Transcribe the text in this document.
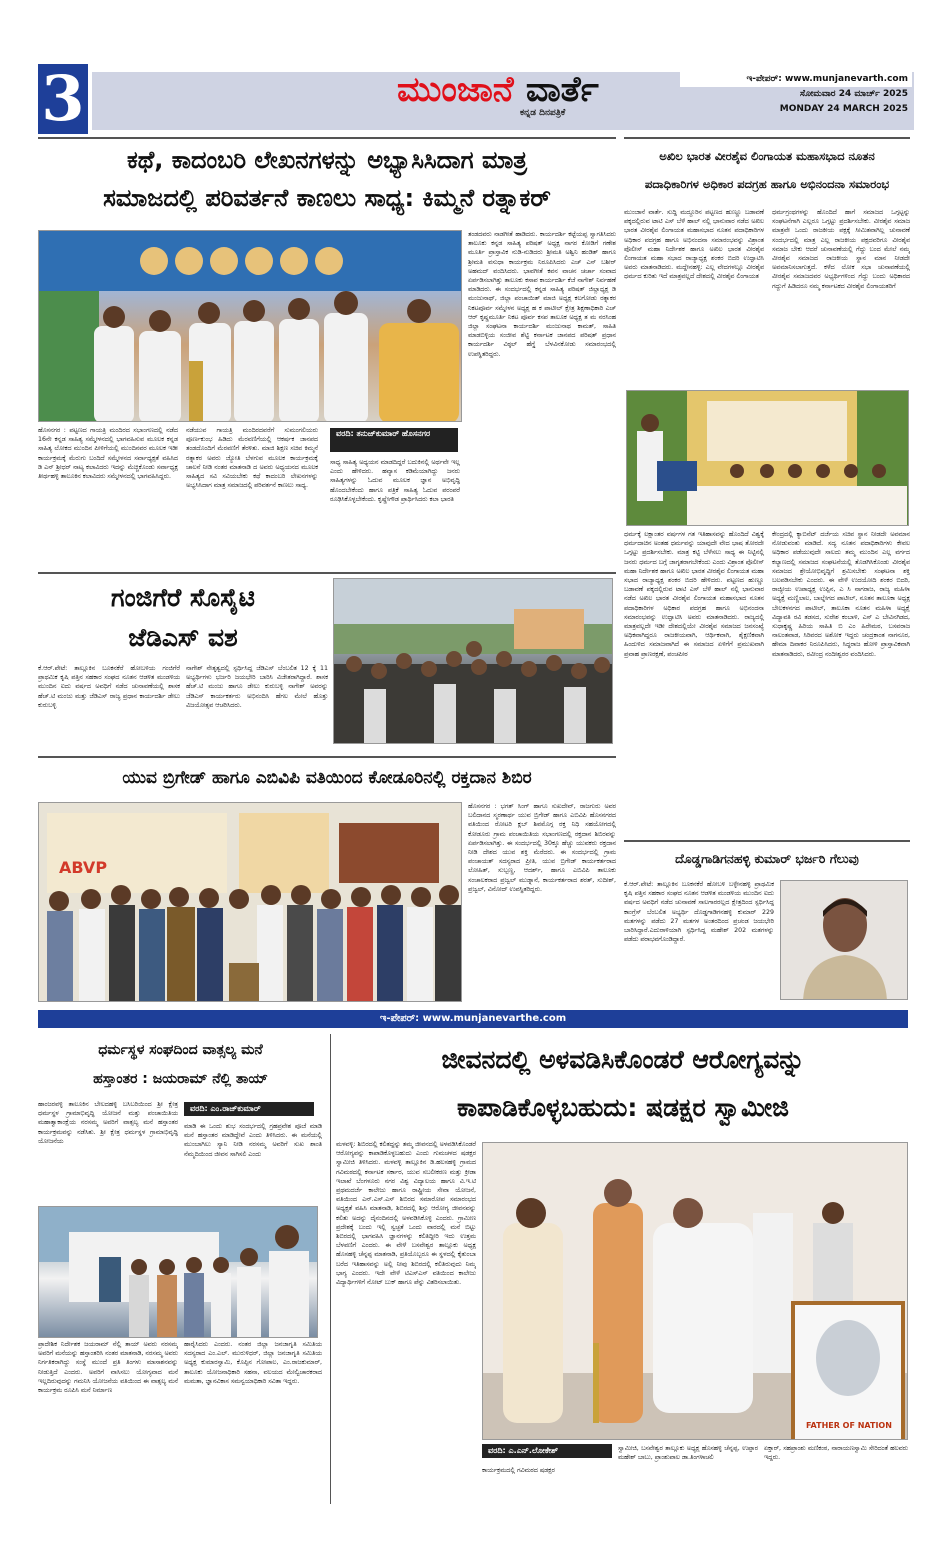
3	ಮುಂಜಾನೆ ವಾರ್ತೆ
ಕನ್ನಡ ದಿನಪತ್ರಿಕೆ
ಇ-ಪೇಪರ್: www.munjanevarth.com
ಸೋಮವಾರ 24 ಮಾರ್ಚ್ 2025
MONDAY 24 MARCH 2025
ಕಥೆ, ಕಾದಂಬರಿ ಲೇಖನಗಳನ್ನು ಅಭ್ಯಾಸಿಸಿದಾಗ ಮಾತ್ರ
ಸಮಾಜದಲ್ಲಿ ಪರಿವರ್ತನೆ ಕಾಣಲು ಸಾಧ್ಯ: ಕಿಮ್ಮನೆ ರತ್ನಾಕರ್
ತಂಡದವರು ನಾಡಗೀತೆ ಹಾಡಿದರು. ಕಾರ್ಯದರ್ಶಿ ಕಟ್ಟೆಯಪ್ಪ ಸ್ವಾಗತಿಸಿದರು ತಾಲೂಕು ಕನ್ನಡ ಸಾಹಿತ್ಯ ಪರಿಷತ್ ಅಧ್ಯಕ್ಷ ನಾಗರ ಕೋಡಿಗೆ ಗಣೇಶ ಮೂರ್ತಿ ಪ್ರಾಸ್ತಾವಿಕ ನುಡಿ-ನುಡಿದರು ಶ್ರೀಮತಿ ಅಶ್ವಿನಿ ಹಂಡಿತ್ ಹಾಗೂ ಶ್ರೀಮತಿ ವಸುಧಾ ಕಾರ್ಯಕ್ರಮ ನಿರೂಪಿಸಿದರು ಎಚ್ ಎಸ್ ಬಶೀರ್ ಅಹಮದ್ ವಂದಿಸಿದರು. ಭಾವಗೀತೆ ಕವನ ವಾಚನ ಚರ್ಚಾ ಸಂವಾದ ಏರ್ಪಡಿಸಲಾಗಿತ್ತು ತಾಲೂಕು ಕಸಾಪ ಕಾರ್ಯದರ್ಶಿ ಕೆಜೆ ನಾಗೇಶ್ ನಿರ್ವಹಣೆ ಮಾಡಿದರು. ಈ ಸಂದರ್ಭದಲ್ಲಿ ಕನ್ನಡ ಸಾಹಿತ್ಯ ಪರಿಷತ್ ಜಿಲ್ಲಾಧ್ಯಕ್ಷ ಡಿ ಮಂಜುನಾಥ್, ಜಿಲ್ಲಾ ಪಂಚಾಯಿತ್ ಮಾಜಿ ಅಧ್ಯಕ್ಷ ಕಲಗೋಡು ರತ್ನಾಕರ ನಿಕಟಪೂರ್ವ ಸಮ್ಮೇಳನ ಅಧ್ಯಕ್ಷ ಹ ಕ ಪಾಟೀಲ್ ಕ್ಷೇತ್ರ ಶಿಕ್ಷಣಾಧಿಕಾರಿ ಎಚ್ ಆರ್ ಕೃಷ್ಣಮೂರ್ತಿ ನಿಕಟ ಪೂರ್ವ ಕಸಪ ತಾಲೂಕ ಅಧ್ಯಕ್ಷ ತ ಮ ನರಸಿಂಹ ಜಿಲ್ಲಾ ಸಂಘಟನಾ ಕಾರ್ಯದರ್ಶಿ ಮಂಜುನಾಥ ಕಾಮತ್, ಸಾಹಿತಿ ಮಾಡಬಿಳ್ಳಿಯ ಸಂಜೀವ ಶೆಟ್ಟಿ ಕರ್ನಾಟಕ ಜಾನಪದ ಪರಿಷತ್ ಪ್ರಧಾನ ಕಾರ್ಯದರ್ಶಿ ವಿಠ್ಠಲ್ ಹೆಗ್ಡೆ ಬೆಳವಿನಕೋಡು ಸಮಾರಂಭದಲ್ಲಿ ಉಪಸ್ಥಿತರಿದ್ದರು.
ಹೊಸನಗರ : ಪಟ್ಟಣದ ಗಾಯತ್ರಿ ಮಂದಿರದ ಸಭಾಂಗಣದಲ್ಲಿ ನಡೆದ 16ನೇ ಕನ್ನಡ ಸಾಹಿತ್ಯ ಸಮ್ಮೇಳನದಲ್ಲಿ ಭಾಗವಹಿಸುವ ಮೂಲಕ ಕನ್ನಡ ಸಾಹಿತ್ಯ ಲೋಕದ ಮುಂದಿನ ಪೀಳಿಗೆಯಲ್ಲಿ ಮುಂದಿನವರ ಮೂಲಕ ಇಡೀ ಕಾರ್ಯಕ್ರಮಕ್ಕೆ ಮೆರುಗು ಬಂದಿದೆ ಸಮ್ಮೇಳನದ ಸರ್ವಾಧ್ಯಕ್ಷತೆ ವಹಿಸಿದ ಡಿ ಎನ್ ಶ್ರೀಧರ್ ನಾಟ್ಯ ಕಲಾವಿದರು ಇದನ್ನು ಮೆಚ್ಚಿಕೊಂಡು ಸರ್ವಾಧ್ಯಕ್ಷ ತೀರ್ಥಹಳ್ಳಿ ತಾಲೂಕಿನ ಕಲಾವಿದರು ಸಮ್ಮೇಳನದಲ್ಲಿ ಭಾಗವಹಿಸಿದ್ದರು.
ನಡೆಯುವ ಗಾಯತ್ರಿ ಮಂದಿರದವರೆಗೆ ಸುಮಂಗಲಿಯರು ಪೂರ್ಣಕುಂಭ ಹಿಡಿದು ಮೆರವಣಿಗೆಯಲ್ಲಿ ಆಕರ್ಷಕ ಜಾನಪದ ತಂಡದೊಂದಿಗೆ ಮೆರವಣಿಗೆ ತೆರಳಿತು. ಮಾಜಿ ಶಿಕ್ಷಣ ಸಚಿವ ಕಿಮ್ಮನೆ ರತ್ನಾಕರ ಅವರು ಜ್ಯೋತಿ ಬೆಳಗುವ ಮೂಲಕ ಕಾರ್ಯಕ್ರಮಕ್ಕೆ ಚಾಲನೆ ನೀಡಿ ನಂತರ ಮಾತನಾಡಿ ದ ಅವರು ಅಧ್ಯಯನದ ಮೂಲಕ ಸಾಹಿತ್ಯದ ಸವಿ ಸವಿಯಬೇಕು ಕಥೆ ಕಾದಂಬರಿ ಲೇಖನಗಳನ್ನು ಅಭ್ಯಸಿಸಿದಾಗ ಮಾತ್ರ ಸಮಾಜದಲ್ಲಿ ಪರಿವರ್ತನೆ ಕಾಣಲು ಸಾಧ್ಯ.
ವರದಿ: ತನುಜ್‌ಕುಮಾರ್ ಹೊಸನಗರ
ಸಾಧ್ಯ ಸಾಹಿತ್ಯ ಅಧ್ಯಯನ ಮಾಡದಿದ್ದರೆ ಬದುಕಿನಲ್ಲಿ ಅರ್ಥವೇ ಇಲ್ಲ ಎಂದು ಹೇಳಿದರು. ಹವ್ಯಾಸ ಕಡಿಮೆಯಾಗಿದ್ದು ಜನರು ಸಾಹಿತ್ಯಗಳನ್ನು ಓದುವ ಮೂಲಕ ಜ್ಞಾನ ಅಭಿವೃದ್ಧಿ ಹೊಂದಬೇಕೆಂದು ಹಾಗೂ ಪತ್ರಿಕೆ ಸಾಹಿತ್ಯ ಓದುವ ಪರಂಪರೆ ರೂಢಿಸಿಕೊಳ್ಳಬೇಕೆಂದು. ಕೃಷ್ಣೇಗೌಡ ಪ್ರಾರ್ಥಿಸಿದರು ಕಲಾ ಭಾರತಿ
ಅಖಿಲ ಭಾರತ ವೀರಶೈವ ಲಿಂಗಾಯತ ಮಹಾಸಭಾದ ನೂತನ
ಪದಾಧಿಕಾರಿಗಳ ಅಧಿಕಾರ ಪದಗ್ರಹ ಹಾಗೂ ಅಭಿನಂದನಾ ಸಮಾರಂಭ
ಮುಂಜಾನೆ ವಾರ್ತೆ. ಸುದ್ದಿ ಮದ್ದೂರಿನ ಪಟ್ಟಣದ ಹುಣ್ಣೂ ಬಡಾವಣೆ ಪಕ್ಕದಲ್ಲಿರುವ ಟಾಟಿ ಎಸ್ ಬೆಳೆ ಹಾಲ್ ನಲ್ಲಿ ಭಾನುವಾರ ನಡೆದ ಅಖಿಲ ಭಾರತ ವೀರಶೈವ ಲಿಂಗಾಯತ ಮಹಾಸಭಾದ ನೂತನ ಪದಾಧಿಕಾರಿಗಳ ಅಧಿಕಾರ ಪದಗ್ರಹ ಹಾಗೂ ಅಭಿನಂದನಾ ಸಮಾರಂಭವನ್ನು ವಿಶ್ರಾಂತ ಪೊಲೀಸ್ ಮಹಾ ನಿರ್ದೇಶಕ ಹಾಗೂ ಅಖಿಲ ಭಾರತ ವೀರಶೈವ ಲಿಂಗಾಯತ ಮಹಾ ಸಭಾದ ರಾಜ್ಯಾಧ್ಯಕ್ಷ ಶಂಕರ ಬಿದರಿ ಉದ್ಘಾಟಿಸಿ ಅವರು ಮಾತನಾಡಿದರು. ಮದ್ದೇನಹಳ್ಳಿ: ಎಲ್ಲ ವೇದಗಳಲ್ಲೂ ವೀರಶೈವ ಧರ್ಮದ ಕುರಿತು ಇದೆ ಮಾತ್ರವಲ್ಲದೆ ದೇಶದಲ್ಲಿ ವೀರಶೈವ ಲಿಂಗಾಯತ
ಧರ್ಮಗ್ರಂಥಗಳನ್ನು ಹೊಂದಿದೆ ಹಾಗೆ ಸಮಾಜದ ಒಗ್ಗಟ್ಟನ್ನು ಸಂಘಟನೆಗಾಗಿ ಎಲ್ಲರೂ ಒಗ್ಗಟ್ಟು ಪ್ರದರ್ಶಿಸಬೇಕು. ವೀರಶೈವ ಸಮಾಜ ಮಾತ್ರವೇ ಒಂದು ರಾಜಕೀಯ ಪಕ್ಷಕ್ಕೆ ಸೀಮಿತವಾಗಿಲ್ಲ ಚುನಾವಣೆ ಸಂದರ್ಭದಲ್ಲಿ ಮಾತ್ರ ಎಲ್ಲ ರಾಜಕೀಯ ಪಕ್ಷದವರಿಗೂ ವೀರಶೈವ ಸಮಾಜ ಬೇಕು ಆದರೆ ಚುನಾವಣೆಯಲ್ಲಿ ಗೆದ್ದು ಬಂದ ಮೇಲೆ ನಮ್ಮ ವೀರಶೈವ ಸಮಾಜದ ರಾಜಕೀಯ ಸ್ಥಾನ ಮಾನ ನೀಡದೇ ಅವಮಾನಿಸಲಾಗುತ್ತದೆ. ಕಳೆದ ಲೋಕ ಸಭಾ ಚುನಾವಣೆಯಲ್ಲಿ ವೀರಶೈವ ಸಮಾಜದವರ ಅಭ್ಯರ್ಥಿಗಳಿಂದ ಗೆದ್ದು ಬಂದು ಅಧಿಕಾರದ ಗದ್ದುಗೆ ಹಿಡಿದರೂ ನಮ್ಮ ಕರ್ನಾಟಕದ ವೀರಶೈವ ಲಿಂಗಾಯತರಿಗೆ
ಧರ್ಮಕ್ಕೆ ಲಕ್ಷಾಂತರ ವರ್ಷಗಳ ಗತ ಇತಿಹಾಸವನ್ನು ಹೊಂದಿದೆ ವಿಶ್ವಕ್ಕೆ ಧರ್ಮದಾಚಿನ ಅಂತಹ ಧರ್ಮವನ್ನು ಯಾವುದೇ ವೇದ ಭಾಷ ತೋರದೇ ಒಗ್ಗಟ್ಟು ಪ್ರದರ್ಶಿಸಬೇಕು. ಮಾತ್ರ ಕಟ್ಟಿ ಬೆಳೆಸಲು ಸಾಧ್ಯ ಈ ನಿಟ್ಟಿನಲ್ಲಿ ಜನರು ಧರ್ಮದ ಬಗ್ಗೆ ಜಾಗೃತರಾಗಬೇಕೆಂದು ಎಂದು ವಿಶ್ರಾಂತ ಪೊಲೀಸ್ ಮಹಾ ನಿರ್ದೇಶಕ ಹಾಗೂ ಅಖಿಲ ಭಾರತ ವೀರಶೈವ ಲಿಂಗಾಯತ ಮಹಾ ಸಭಾದ ರಾಜ್ಯಾಧ್ಯಕ್ಷ ಶಂಕರ ಬಿದರಿ ಹೇಳಿದರು. ಪಟ್ಟಣದ ಹುಣ್ಣೂ ಬಡಾವಣೆ ಪಕ್ಕದಲ್ಲಿರುವ ಟಾಟಿ ಎಸ್ ಬೆಳೆ ಹಾಲ್ ನಲ್ಲಿ ಭಾನುವಾರ ನಡೆದ ಅಖಿಲ ಭಾರತ ವೀರಶೈವ ಲಿಂಗಾಯತ ಮಹಾಸಭಾದ ನೂತನ ಪದಾಧಿಕಾರಿಗಳ ಅಧಿಕಾರ ಪದಗ್ರಹ ಹಾಗೂ ಅಭಿನಂದನಾ ಸಮಾರಂಭವನ್ನು ಉದ್ಘಾಟಿಸಿ ಅವರು ಮಾತನಾಡಿದರು. ರಾಜ್ಯದಲ್ಲಿ ಮಾತ್ರವಲ್ಲದೇ ಇಡೀ ದೇಶದಲ್ಲಿಯೇ ವೀರಶೈವ ಸಮಾಜದ ಜನಸಂಖ್ಯೆ ಅಧಿಕವಾಗಿದ್ದರೂ ರಾಜಕೀಯವಾಗಿ, ಆರ್ಥಿಕವಾಗಿ, ಶೈಕ್ಷಣಿಕವಾಗಿ ಹಿಂದುಳಿದ ಸಮಾಜವಾಗಿದೆ ಈ ಸಮಾಜದ ಏಳಿಗೆಗೆ ಪ್ರಮುಖವಾಗಿ ಪ್ರವಾಹ ಪ್ರಾಣರಕ್ಷಣೆ, ಪಂಚಪೀಠ
ಕೇಂದ್ರದಲ್ಲಿ ಕ್ಯಾಬಿನೆಟ್ ದರ್ಜೆಯ ಸಚಿವ ಸ್ಥಾನ ನೀಡದೇ ಅವಮಾನ ನೋಡುವಂತು ಮಾಡಿದೆ. ಸದ್ಯ ನೂತನ ಪದಾಧಿಕಾರಿಗಳು ಕೇವಲ ಅಧಿಕಾರ ಪಡೆಯುವುದೇ ಸಾಲದು ತಮ್ಮ ಮುಂದಿನ ಎಲ್ಲ ವರ್ಗದ ಕಲ್ಯಾಣದಲ್ಲಿ ಸಮಾಜದ ಸಂಘಟನೆಯಲ್ಲಿ ತೊಡಗಿಸಿಕೊಂಡು ವೀರಶೈವ ಸಮಾಜದ ಶ್ರೇಯೋಭಿವೃದ್ಧಿಗೆ ಶ್ರಮಿಸಬೇಕು ಸಂಘಟನಾ ಶಕ್ತಿ ಬಲಪಡಿಸಬೇಕು ಎಂದರು. ಈ ವೇಳೆ ಉದಯೋದಿ ಶಂಕರ ಬಿದರಿ, ರಾಜ್ಯೀಯ ಉಪಾಧ್ಯಕ್ಷ ಉಪ್ಪಿನ, ಎ ಸಿ ನಾಗರಾಜ, ರಾಜ್ಯ ಮಹಿಳಾ ಅಧ್ಯಕ್ಷೆ ಮಣ್ಣಿಲಾಲ, ಬಾಲ್ನೇಗದ ಪಾಟೀಲ್, ನೂತನ ತಾಲೂಕಾ ಅಧ್ಯಕ್ಷ ಬೇಲಕಳನಗದ ಪಾಟೀಲ್, ತಾಲೂಕಾ ನೂತನ ಮಹಿಳಾ ಅಧ್ಯಕ್ಷೆ ವಿದ್ಯಾವತಿ ರವಿ ತಡಸದ, ಸುರೇಶ ಕಂಬಾಳಿ, ಎಸ್ ಎ ಬೇವಿನಗಿಡದ, ಸುಧಾಕೃಷ್ಣ ಹಿರಿಯ ಸಾಹಿತಿ ಬಿ ಎಂ ಹಿರೇಮಠ, ಬಸವರಾಜ ನಾಲಂತವಾಡ, ಸಿರಿವರದ ಅಶೋಕ ಇದ್ದರು ಚಂದ್ರಕಾಂತ ನಾಗನೂರ, ಹೇಮಾ ದಿವಾಕರ ನಿರೂಪಿಸಿದರು, ಸಿದ್ಧರಾಜ ಹೋಳಿ ಪ್ರಾಸ್ತಾವಿಕವಾಗಿ ಮಾತನಾಡಿದರು, ರವೀಂದ್ರ ನಂದೀಶ್ವರರ ವಂದಿಸಿದರು.
ಗಂಜಿಗೆರೆ ಸೊಸೈಟಿ
ಜೆಡಿಎಸ್ ವಶ
ಕೆ.ಆರ್.ಪೇಟೆ: ತಾಲ್ಲೂಕಿನ ಬೂಕನಕೆರೆ ಹೋಬಳಿಯ ಗಂಜಿಗೆರೆ ಪ್ರಾಥಮಿಕ ಕೃಷಿ ಪತ್ತಿನ ಸಹಕಾರ ಸಂಘದ ನೂತನ ಆಡಳಿತ ಮಂಡಳಿಯ ಮುಂದಿನ ಐದು ವರ್ಷದ ಅವಧಿಗೆ ನಡೆದ ಚುನಾವಣೆಯಲ್ಲಿ ಶಾಸಕ ಹೆಚ್.ಟಿ ಮಂಜು ಮತ್ತು ಜೆಡಿಎಸ್ ರಾಜ್ಯ ಪ್ರಧಾನ ಕಾರ್ಯದರ್ಶಿ ಡೇಲು ಕುರುಬಳ್ಳಿ
ನಾಗೇಶ್ ನೇತೃತ್ವದಲ್ಲಿ ಸ್ಪರ್ಧಿಸಿದ್ದ ಜೆಡಿಎಸ್ ಬೆಂಬಲಿತ 12 ಕ್ಕೆ 11 ಅಭ್ಯರ್ಥಿಗಳು ಭರ್ಜರಿ ಜಯಭೇರಿ ಬಾರಿಸಿ ವಿಜೇತರಾಗಿದ್ದಾರೆ. ಶಾಸಕ ಹೆಚ್.ಟಿ ಮಂಜು ಹಾಗೂ ಡೇಲು ಕುರುಬಳ್ಳಿ ನಾಗೇಶ್ ಅವರನ್ನು ಜೆಡಿಎಸ್ ಕಾರ್ಯಕರ್ತರು ಅಭಿನಂದಿಸಿ ಹೆಗಲ ಮೇಲೆ ಹೊತ್ತು ವಿಜಯೋತ್ಸವ ಆಚರಿಸಿದರು.
ಯುವ ಬ್ರಿಗೇಡ್ ಹಾಗೂ ಎಬಿವಿಪಿ ವತಿಯಿಂದ ಕೋಡೂರಿನಲ್ಲಿ ರಕ್ತದಾನ ಶಿಬಿರ
ABVP
ಹೊಸನಗರ : ಭಗತ್ ಸಿಂಗ್ ಹಾಗೂ ಸುಖದೇವ್, ರಾಜಗುರು ಅವರ ಬಲಿದಾನದ ಸ್ಮರಣಾರ್ಥ ಯುವ ಬ್ರಿಗೇಡ್ ಹಾಗೂ ಎಬಿವಿಪಿ ಹೊಸನಗರದ ವತಿಯಿಂದ ರೋಟರಿ ಕ್ಲಬ್ ಶಿವಮೊಗ್ಗ ರಕ್ತ ನಿಧಿ ಸಹಯೋಗದಲ್ಲಿ ಕೋಡೂರು ಗ್ರಾಮ ಪಂಚಾಯಿತಿಯ ಸಭಾಂಗಣದಲ್ಲಿ ರಕ್ತದಾನ ಶಿಬಿರವನ್ನು ಏರ್ಪಡಿಸಲಾಗಿತ್ತು. ಈ ಸಂದರ್ಭದಲ್ಲಿ 30ಕ್ಕೂ ಹೆಚ್ಚು ಯುವಕರು ರಕ್ತದಾನ ನೀಡಿ ದೇಶದ ಯುವ ಶಕ್ತಿ ಮೆರೆದರು. ಈ ಸಂದರ್ಭದಲ್ಲಿ ಗ್ರಾಮ ಪಂಚಾಯತ್ ಸದಸ್ಯರಾದ ಪ್ರೀತಿ, ಯುವ ಬ್ರಿಗೇಡ್ ಕಾರ್ಯಕರ್ತರಾದ ಲೋಹಿತ್, ಸುಬ್ಬಣ್ಣ, ಆದರ್ಶ್, ಹಾಗೂ ಎಬಿವಿಪಿ ತಾಲೂಕು ಸಂಚಾಲಕರಾದ ಪ್ರಜ್ವಲ್ ಮುಡ್ನಾನೆ, ಕಾರ್ಯಕರ್ತರಾದ ಶರತ್, ಸುದೀಶ್, ಪ್ರಜ್ವಲ್, ವಿನೋದ್ ಉಪಸ್ಥಿತರಿದ್ದರು.
ದೊಡ್ಡಗಾಡಿಗನಹಳ್ಳಿ ಕುಮಾರ್ ಭರ್ಜರಿ ಗೆಲುವು
ಕೆ.ಆರ್.ಪೇಟೆ: ತಾಲ್ಲೂಕಿನ ಬೂಕನಕೆರೆ ಹೋಬಳಿ ಬಳ್ಳೇನಹಳ್ಳಿ ಪ್ರಾಥಮಿಕ ಕೃಷಿ ಪತ್ತಿನ ಸಹಕಾರ ಸಂಘದ ನೂತನ ಆಡಳಿತ ಮಂಡಳಿಯ ಮುಂದಿನ ಐದು ವರ್ಷದ ಅವಧಿಗೆ ನಡೆದ ಚುನಾವಣೆ ಸಾಲಗಾರರಲ್ಲದ ಕ್ಷೇತ್ರದಿಂದ ಸ್ಪರ್ಧಿಸಿದ್ದ ಕಾಂಗ್ರೆಸ್ ಬೆಂಬಲಿತ ಅಭ್ಯರ್ಥಿ ದೊಡ್ಡಗಾಡಿಗನಹಳ್ಳಿ ಕುಮಾರ್ 229 ಮತಗಳನ್ನು ಪಡೆದು 27 ಮತಗಳ ಅಂತರದಿಂದ ಪ್ರಚಂಡ ಜಯಭೇರಿ ಬಾರಿಸಿದ್ದಾರೆ.ಎದುರಾಳಿಯಾಗಿ ಸ್ಪರ್ಧಿಸಿದ್ದ ಮಹೇಶ್ 202 ಮತಗಳನ್ನು ಪಡೆದು ಪರಾಭವಗೊಂಡಿದ್ದಾರೆ.
ಇ-ಪೇಪರ್: www.munjanevarthe.com
ಧರ್ಮಸ್ಥಳ ಸಂಘದಿಂದ ವಾತ್ಸಲ್ಯ ಮನೆ
ಹಸ್ತಾಂತರ : ಜಯರಾಮ್ ನೆಲ್ಲಿ ತಾಯ್
ಹಾಂಜರವಳ್ಳಿ ತಾಲೂಕಿನ ಬೇಲದಹಳ್ಳಿ ಬಸಿಬರಿಯಿಂದ ಶ್ರೀ ಕ್ಷೇತ್ರ ಧರ್ಮಸ್ಥಳ ಗ್ರಾಮಾಭಿವೃದ್ಧಿ ಯೋಜನೆ ಮತ್ತು ಪಂಚಾಯಿತಿಯ ಮಹಾತ್ವಾಕಾಂಕ್ಷೆಯ ನರಸಮ್ಮ ಅವರಿಗೆ ವಾತ್ಸಲ್ಯ ಮನೆ ಹಸ್ತಾಂತರ ಕಾರ್ಯಕ್ರಮವನ್ನು ನಡೆಸಿತು. ಶ್ರೀ ಕ್ಷೇತ್ರ ಧರ್ಮಸ್ಥಳ ಗ್ರಾಮಾಭಿವೃದ್ಧಿ ಯೋಜನೆಯ
ವರದಿ: ಎಂ.ರಾಜ್‌ಕುಮಾರ್
ಮಾಡಿ ಈ ಒಂದು ಶುಭ ಸಂದರ್ಭದಲ್ಲಿ ಗ್ರಹಪ್ರವೇಶ ಪೂಜೆ ಮಾಡಿ ಮನೆ ಹಸ್ತಾಂತರ ಮಾಡಿದ್ದೇವೆ ಎಂದು ತಿಳಿಸಿದರು. ಈ ಮನೆಯಲ್ಲಿ ಮುಂಬಾಗಿಲು ಸ್ಯಾನಿ ನೀಡಿ ನರಸಮ್ಮ ಅವರಿಗೆ ಸುಖ ಶಾಂತಿ ನೆಮ್ಮದಿಯಿಂದ ಜೀವನ ಸಾಗಿಸಲಿ ಎಂದು
ಪ್ರಾದೇಶಿಕ ನಿರ್ದೇಶಕ ಜಯರಾಮ್ ನೆಲ್ಲಿ ತಾಯ್ ಅವರು ನರಸಮ್ಮ ಅವರಿಗೆ ಮನೆಯನ್ನು ಹಸ್ತಾಂತರಿಸಿ ನಂತರ ಮಾತನಾಡಿ, ನರಸಮ್ಮ ಅವರು ನಿರ್ಗತಿಕರಾಗಿದ್ದು ಸಂಸ್ಥೆ ಮುಂದೆ ಪ್ರತಿ ತಿಂಗಳು ಮಾಸಾಶನವನ್ನು ನೀಡುತ್ತಿದೆ ಎಂದರು. ಅವರಿಗೆ ವಾಸಿಸಲು ಯೋಗ್ಯವಾದ ಮನೆ ಇಲ್ಲದಿರುವುದನ್ನು ಗಮನಿಸಿ ಯೋಜನೆಯ ವತಿಯಿಂದ ಈ ವಾತ್ಸಲ್ಯ ಮನೆ ಕಾರ್ಯಕ್ರಮ ರೂಪಿಸಿ ಮನೆ ನಿರ್ಮಾಣ
ಹಾರೈಸಿದರು ಎಂದರು. ನಂತರ ಜಿಲ್ಲಾ ಜನಜಾಗೃತಿ ಸಮಿತಿಯ ಸದಸ್ಯರಾದ ಎಂ.ಎಲ್. ಮುರುಳಿಧರ್, ಜಿಲ್ಲಾ ಜನಜಾಗೃತಿ ಸಮಿತಿಯ ಅಧ್ಯಕ್ಷ ಕುಮಾರಸ್ವಾಮಿ, ಕೊಪ್ಪಿನ ಗೋಪಾಲ, ಎಂ.ರಾಜಕುಮಾರ್, ತಾಲೂಕು ಯೋಜನಾಧಿಕಾರಿ ಸಹನಾ, ವಲಯದ ಮೇಲ್ವಿಚಾರಕರಾದ ಮಮತಾ, ಜ್ಞಾನವಿಕಾಸ ಸಮನ್ವಯಾಧಿಕಾರಿ ಸವಿತಾ ಇದ್ದರು.
ಜೀವನದಲ್ಲಿ ಅಳವಡಿಸಿಕೊಂಡರೆ ಆರೋಗ್ಯವನ್ನು
ಕಾಪಾಡಿಕೊಳ್ಳಬಹುದು: ಷಡಕ್ಷರ ಸ್ವಾಮೀಜಿ
ಮಳವಳ್ಳಿ: ಶಿಬಿರದಲ್ಲಿ ಕಲಿತದ್ದನ್ನು ತಮ್ಮ ಜೀವನದಲ್ಲಿ ಅಳವಡಿಸಿಕೊಂಡರೆ ಆರೋಗ್ಯವನ್ನು ಕಾಪಾಡಿಕೊಳ್ಳಬಹುದು ಎಂದು ಗುಮಚಳದ ಷಡಕ್ಷರ ಸ್ವಾಮೀಜಿ ತಿಳಿಸಿದರು. ಮಳವಳ್ಳಿ ತಾಲ್ಲೂಕಿನ ಡಿ.ಹಲಸಹಳ್ಳಿ ಗ್ರಾಮದ ಗವಿಮಠದಲ್ಲಿ ಕರ್ನಾಟಕ ಸರ್ಕಾರ, ಯುವ ಸಬಲೀಕರಣ ಮತ್ತು ಕ್ರೀಡಾ ಇಲಾಖೆ ಬೆಂಗಳೂರು ನಗರ ವಿಶ್ವ ವಿದ್ಯಾಲಯ ಹಾಗೂ ವಿ.ಇ.ಟಿ ಪ್ರಥಮದರ್ಜೆ ಕಾಲೇಜು ಹಾಗೂ ರಾಷ್ಟ್ರೀಯ ಸೇವಾ ಯೋಜನೆ, ವತಿಯಿಂದ ಎನ್.ಎಸ್.ಎಸ್ ಶಿಬಿರದ ಸಮಾರೋಪ ಸಮಾರಂಭದ ಅಧ್ಯಕ್ಷತೆ ವಹಿಸಿ ಮಾತನಾಡಿ, ಶಿಬಿರದಲ್ಲಿ ಶಿಸ್ತು ಆರೋಗ್ಯ ಜೀವನವನ್ನು ಕಲಿತು ಅದನ್ನು ದೈನಂದಿನದಲ್ಲಿ ಅಳವಡಿಸಿಕೊಳ್ಳಿ ಎಂದರು. ಗ್ರಾಮೀಣ ಪ್ರದೇಶಕ್ಕೆ ಬಂದು ಇಲ್ಲಿ ಸ್ವಚ್ಛತೆ ಒಂದು ವಾರದಲ್ಲಿ ಮನೆ ಬಿಟ್ಟು ಶಿಬಿರದಲ್ಲಿ ಭಾಗವಹಿಸಿ ಜ್ಞಾನಗಳನ್ನು ಕಲಿತಿದ್ದೀರಿ ಇದು ಉತ್ತಮ ಬೆಳವಣಿಗೆ ಎಂದರು. ಈ ವೇಳೆ ಬಸವೇಶ್ವರ ತಾಲ್ಲೂಕು ಅಧ್ಯಕ್ಷ ಹೊಸಹಳ್ಳಿ ಚೆನ್ನಪ್ಪ ಮಾತನಾಡಿ, ಪ್ರತಿಯೊಬ್ಬರೂ ಈ ಸ್ಥಳದಲ್ಲಿ ಕೈತುಂಬಾ ಬರೆದ ಇತಿಹಾಸವನ್ನು ಅಲ್ಲಿ ನೀವು ಶಿಬಿರದಲ್ಲಿ ಕಲಿತಿರುವುದು ನಿಮ್ಮ ಭಾಗ್ಯ ಎಂದರು. ಇದೇ ವೇಳೆ ಟಿಎಸ್‌ಎಸ್ ವತಿಯಿಂದ ಕಾಲೇಜು ವಿದ್ಯಾರ್ಥಿಗಳಿಗೆ ನೋಟ್ ಬುಕ್ ಹಾಗೂ ಪೆನ್ನು ವಿತರಿಸಲಾಯಿತು.
FATHER OF NATION
ವರದಿ: ಎ.ಎನ್.ಲೋಕೇಶ್
ಕಾರ್ಯಕ್ರಮದಲ್ಲಿ ಗವಿಮಠದ ಷಡಕ್ಷರ
ಸ್ವಾಮೀಜಿ, ಬಸವೇಶ್ವರ ತಾಲ್ಲೂಕು ಅಧ್ಯಕ್ಷ ಹೊಸಹಳ್ಳಿ ಚೆನ್ನಪ್ಪ, ಉಪ್ಪಾರ ಮಹೇಶ್ ಬಾಬು, ಪ್ರಾಂಶುಪಾಲ ಡಾ.ತಿಂಗಳಾಚಲಿ
ಏಕ್ತಾರ್, ಸಹಪ್ರಾಂಶು ಮಣಿಕಂಠ, ನಾರಾಯಣಸ್ವಾಮಿ ಸೇರಿದಂತೆ ಹಲವರು ಇದ್ದರು.
